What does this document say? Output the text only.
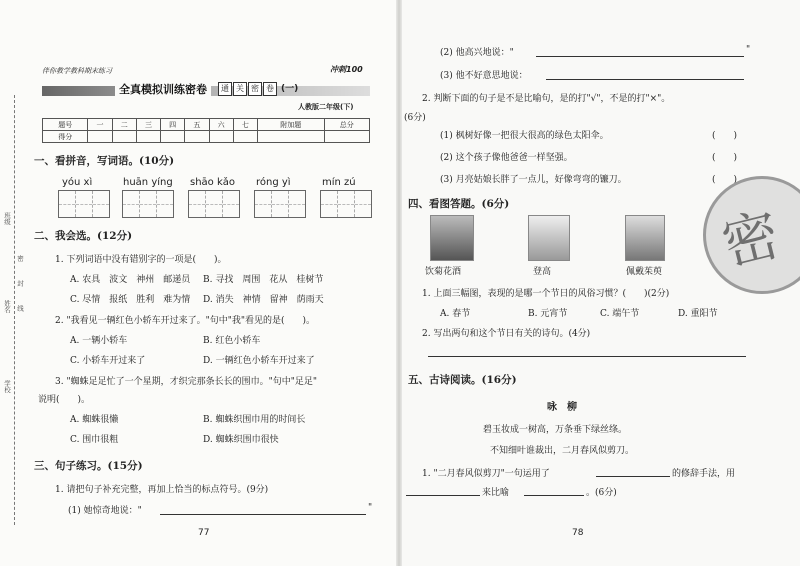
班级
姓名
学校
密
封
线
伴你教学教科期末练习	冲刺100
全真模拟训练密卷	通 关 密 卷 (一)
人教版二年级(下)
题号	一	二	三	四	五	六	七	附加题	总分
得分									
一、看拼音，写词语。(10分)
yóu xì	huān yíng shāo kǎo róng yì	mín zú
二、我会选。(12分)
1. 下列词语中没有错别字的一项是(　　)。
A. 农具　波文　神州　邮递员 B. 寻找　周围　花从　桂树节
C. 尽情　报纸　胜利　难为情 D. 消失　神情　留神　荫雨天
2. "我看见一辆红色小轿车开过来了。"句中"我"看见的是(　　)。
A. 一辆小轿车	B. 红色小轿车
C. 小轿车开过来了	D. 一辆红色小轿车开过来了
3. "蜘蛛足足忙了一个星期，才织完那条长长的围巾。"句中"足足"
说明(　　)。
A. 蜘蛛很懒	B. 蜘蛛织围巾用的时间长
C. 围巾很粗	D. 蜘蛛织围巾很快
三、句子练习。(15分)
1. 请把句子补充完整，再加上恰当的标点符号。(9分)
(1) 她惊奇地说："	"
77
(2) 他高兴地说："	"
(3) 他不好意思地说：
2. 判断下面的句子是不是比喻句，是的打"√"，不是的打"×"。
(6分)
(1) 枫树好像一把很大很高的绿色太阳伞。	(　　)
(2) 这个孩子像他爸爸一样坚强。	(　　)
(3) 月亮姑娘长胖了一点儿，好像弯弯的镰刀。	(　　)
四、看图答题。(6分)
饮菊花酒	登高	佩戴茱萸
1. 上面三幅图，表现的是哪一个节日的风俗习惯？(　　)(2分)
A. 春节	B. 元宵节	C. 端午节	D. 重阳节
2. 写出两句和这个节日有关的诗句。(4分)
五、古诗阅读。(16分)
咏　柳
碧玉妆成一树高，万条垂下绿丝绦。
不知细叶谁裁出，二月春风似剪刀。
1. "二月春风似剪刀"一句运用了	的修辞手法，用
来比喻	。(6分)
78
密
